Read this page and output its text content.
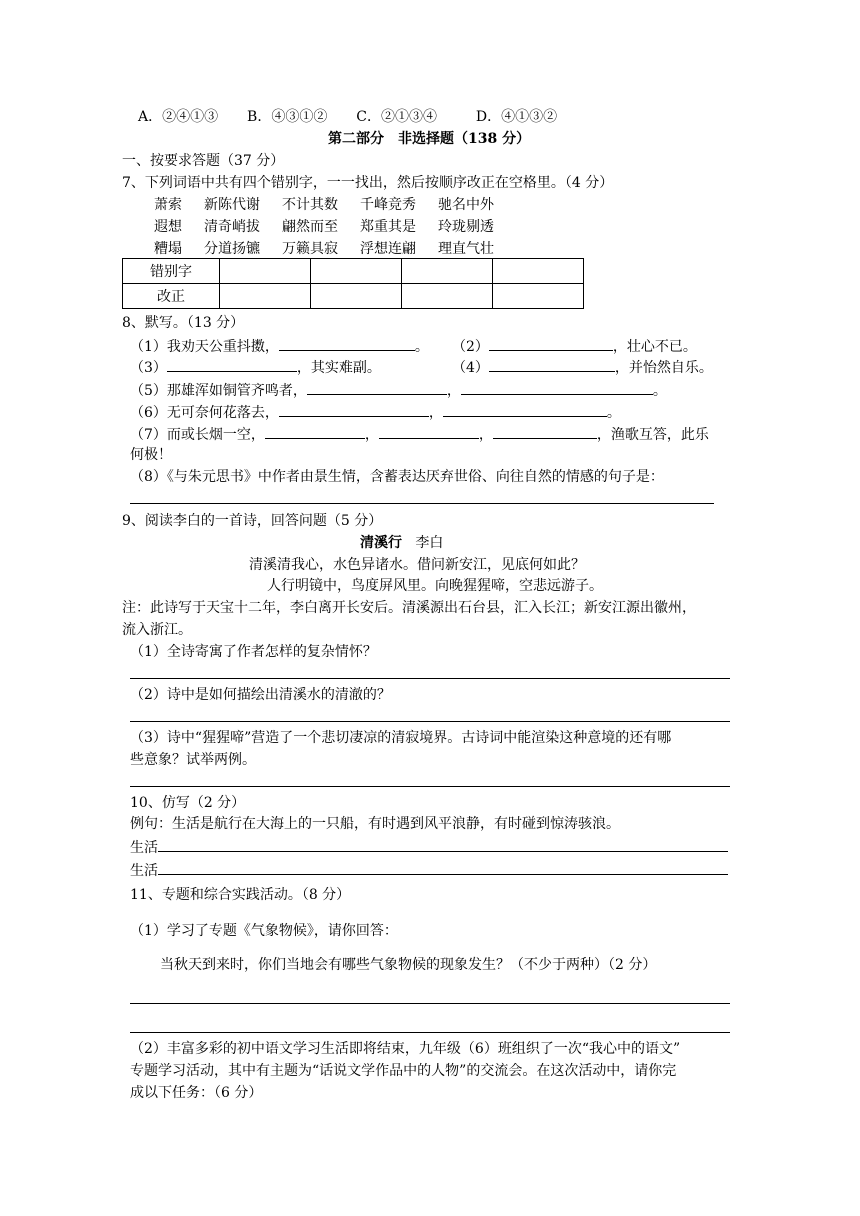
A．②④①③ B．④③①② C．②①③④	D．④①③②
第二部分　非选择题（138 分）
一、按要求答题（37 分）
7、下列词语中共有四个错别字，一一找出，然后按顺序改正在空格里。（4 分）
萧索 新陈代谢 不计其数 千峰竞秀 驰名中外
遐想 清奇峭拔 翩然而至 郑重其是 玲珑剔透
糟塌 分道扬镳 万籁具寂 浮想连翩 理直气壮
错别字				
改正				
8、默写。（13 分）
（1）我劝天公重抖擞，	。 （2）	，壮心不已。
（3）	，其实难副。	（4）	，并怡然自乐。
（5）那雄浑如铜管齐鸣者，	，	。
（6）无可奈何花落去，	，	。
（7）而或长烟一空，	，	，	，渔歌互答，此乐
何极！
（8）《与朱元思书》中作者由景生情，含蓄表达厌弃世俗、向往自然的情感的句子是：
9、阅读李白的一首诗，回答问题（5 分）
清溪行 李白
清溪清我心，水色异诸水。借问新安江，见底何如此？
人行明镜中，鸟度屏风里。向晚猩猩啼，空悲远游子。
注：此诗写于天宝十二年，李白离开长安后。清溪源出石台县，汇入长江；新安江源出徽州，
流入浙江。
（1）全诗寄寓了作者怎样的复杂情怀？
（2）诗中是如何描绘出清溪水的清澈的？
（3）诗中“猩猩啼”营造了一个悲切凄凉的清寂境界。古诗词中能渲染这种意境的还有哪
些意象？试举两例。
10、仿写（2 分）
例句：生活是航行在大海上的一只船，有时遇到风平浪静，有时碰到惊涛骇浪。
生活
生活
11、专题和综合实践活动。（8 分）
（1）学习了专题《气象物候》，请你回答：
当秋天到来时，你们当地会有哪些气象物候的现象发生？（不少于两种）（2 分）
（2）丰富多彩的初中语文学习生活即将结束，九年级（6）班组织了一次“我心中的语文”
专题学习活动，其中有主题为“话说文学作品中的人物”的交流会。在这次活动中，请你完
成以下任务：（6 分）
